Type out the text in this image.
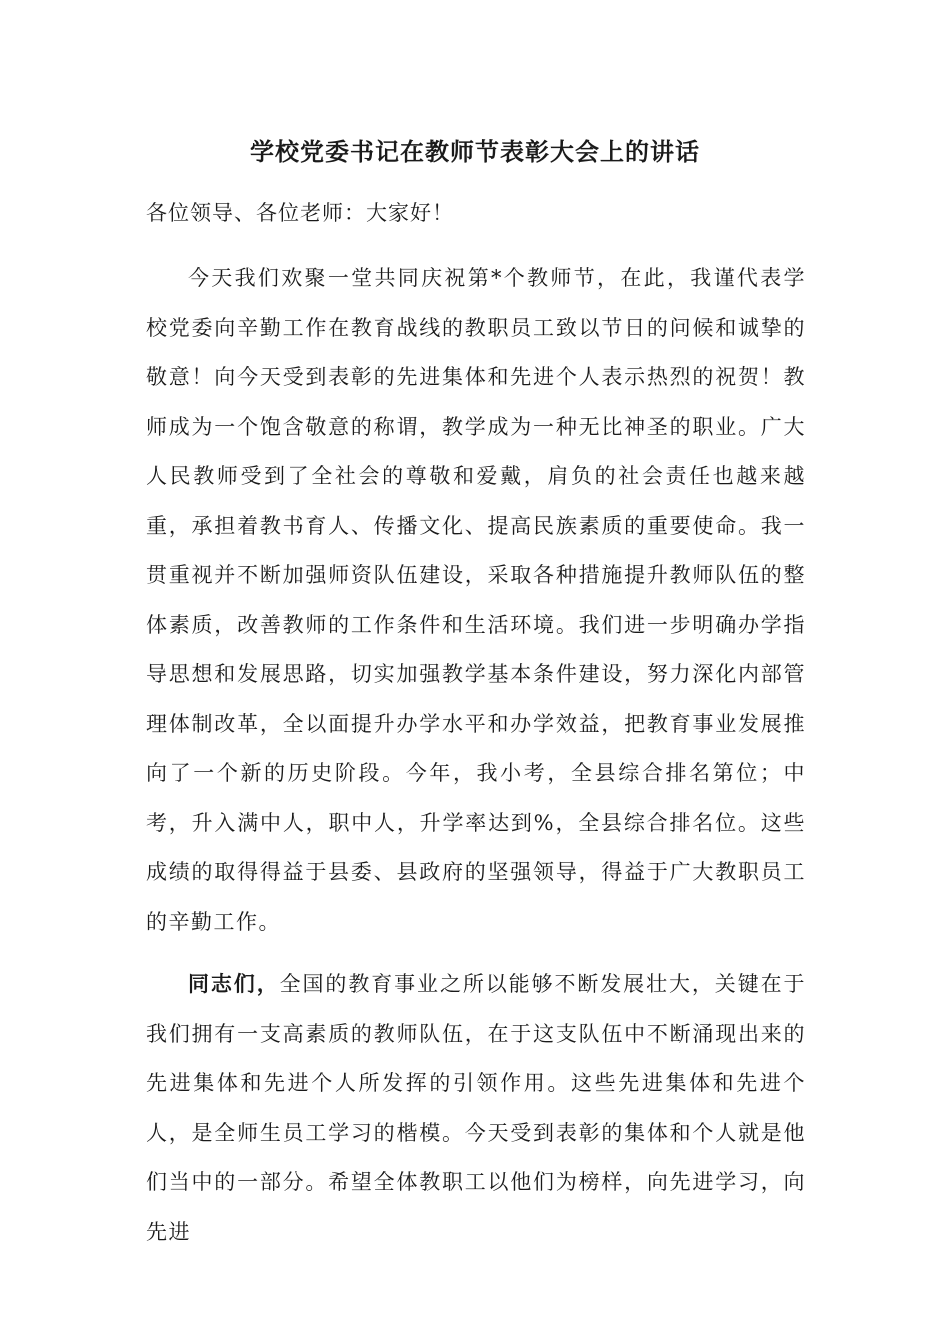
学校党委书记在教师节表彰大会上的讲话

各位领导、各位老师：大家好！

今天我们欢聚一堂共同庆祝第*个教师节，在此，我谨代表学校党委向辛勤工作在教育战线的教职员工致以节日的问候和诚挚的敬意！向今天受到表彰的先进集体和先进个人表示热烈的祝贺！教师成为一个饱含敬意的称谓，教学成为一种无比神圣的职业。广大人民教师受到了全社会的尊敬和爱戴，肩负的社会责任也越来越重，承担着教书育人、传播文化、提高民族素质的重要使命。我一贯重视并不断加强师资队伍建设，采取各种措施提升教师队伍的整体素质，改善教师的工作条件和生活环境。我们进一步明确办学指导思想和发展思路，切实加强教学基本条件建设，努力深化内部管理体制改革，全以面提升办学水平和办学效益，把教育事业发展推向了一个新的历史阶段。今年，我小考，全县综合排名第位；中考，升入满中人，职中人，升学率达到%，全县综合排名位。这些成绩的取得得益于县委、县政府的坚强领导，得益于广大教职员工的辛勤工作。

同志们，全国的教育事业之所以能够不断发展壮大，关键在于我们拥有一支高素质的教师队伍，在于这支队伍中不断涌现出来的先进集体和先进个人所发挥的引领作用。这些先进集体和先进个人，是全师生员工学习的楷模。今天受到表彰的集体和个人就是他们当中的一部分。希望全体教职工以他们为榜样，向先进学习，向先进
